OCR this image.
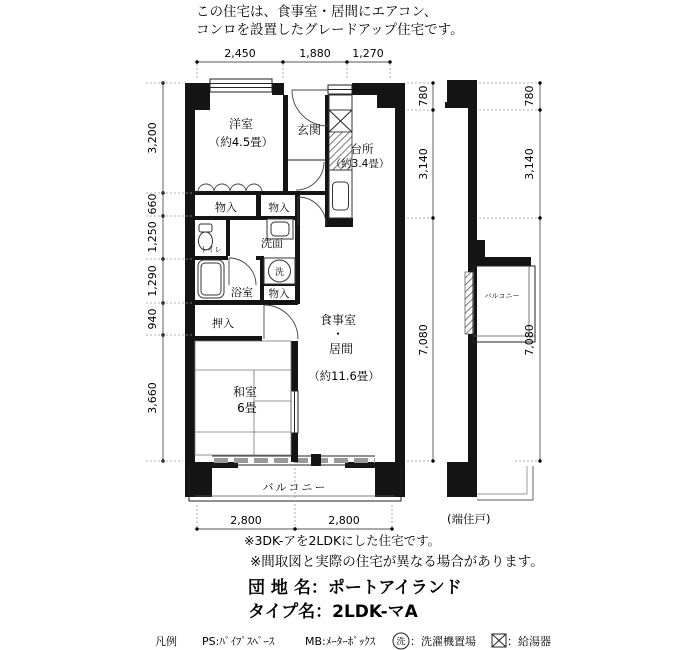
この住宅は、食事室・居間にエアコン、
コンロを設置したグレードアップ住宅です。
洋室
（約4.5畳）
玄関
台所
（約3.4畳）
物入	物入
トイレ	洗面
洗
浴室 物入
押入	食事室
・
居間
（約11.6畳）
和室
6畳
バルコニー
バルコニー
2,450	1,880 1,270
3,200
660
1,250
1,290
940
3,660
780
3,140
7,080
780
3,140
7,080
2,800	2,800	(端住戸)
※3DK-アを2LDKにした住宅です。
※間取図と実際の住宅が異なる場合があります。
団 地 名：ポートアイランド
タイプ名：2LDK-マA
凡例 PS:ﾊﾟｲﾌﾟｽﾍﾟｰｽ	MB:ﾒｰﾀｰﾎﾞｯｸｽ 洗 ：洗濯機置場	：給湯器
